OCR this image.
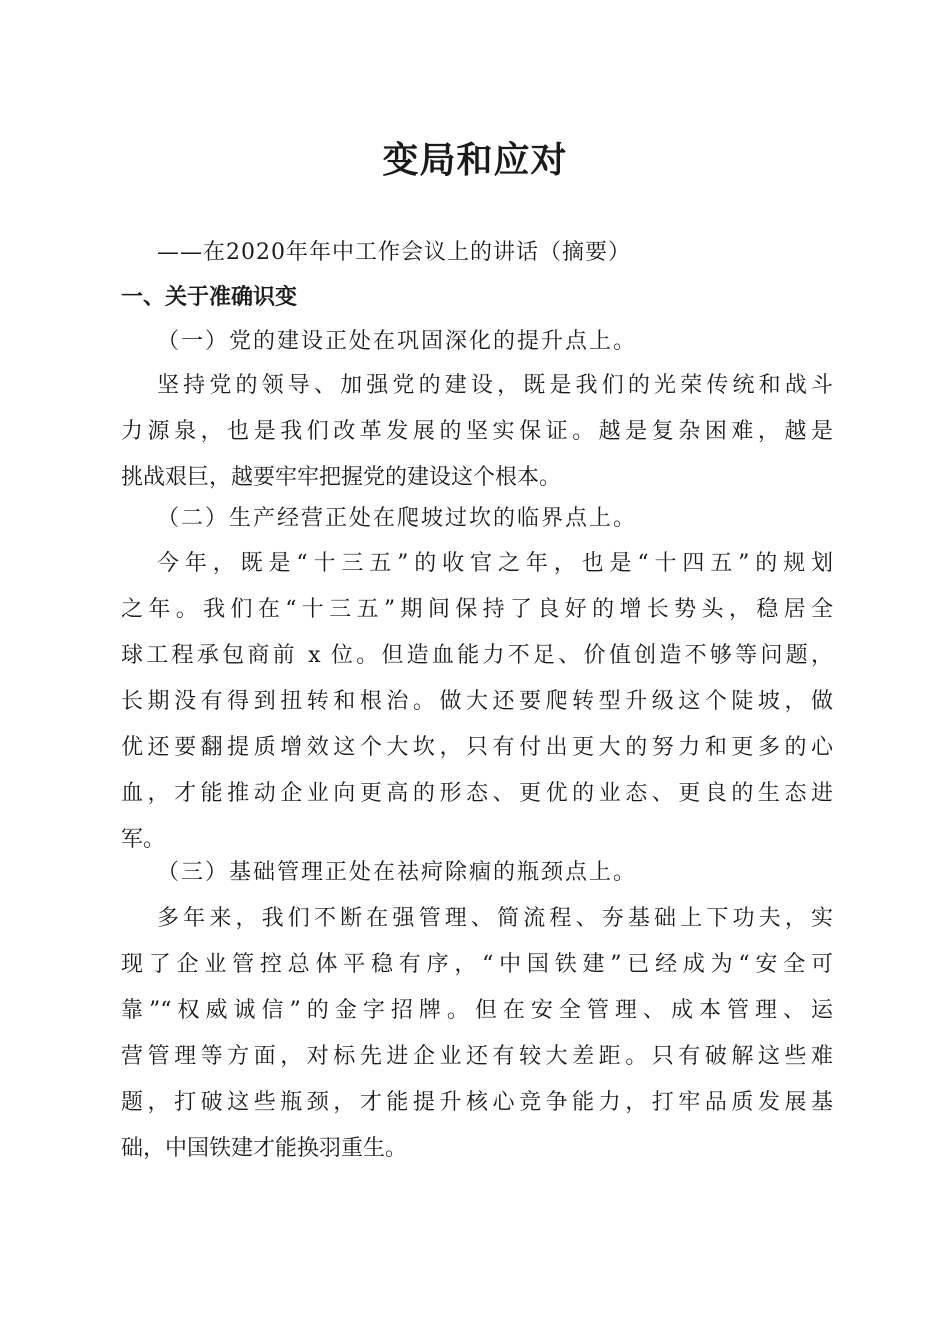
变局和应对
——在2020年年中工作会议上的讲话（摘要）
一、关于准确识变
（一）党的建设正处在巩固深化的提升点上。
坚持党的领导、加强党的建设，既是我们的光荣传统和战斗
力源泉，也是我们改革发展的坚实保证。越是复杂困难，越是
挑战艰巨，越要牢牢把握党的建设这个根本。
（二）生产经营正处在爬坡过坎的临界点上。
今年，既是“十三五”的收官之年，也是“十四五”的规划
之年。我们在“十三五”期间保持了良好的增长势头，稳居全
球工程承包商前 x 位。但造血能力不足、价值创造不够等问题，
长期没有得到扭转和根治。做大还要爬转型升级这个陡坡，做
优还要翻提质增效这个大坎，只有付出更大的努力和更多的心
血，才能推动企业向更高的形态、更优的业态、更良的生态进
军。
（三）基础管理正处在祛疴除痼的瓶颈点上。
多年来，我们不断在强管理、简流程、夯基础上下功夫，实
现了企业管控总体平稳有序，“中国铁建”已经成为“安全可
靠”“权威诚信”的金字招牌。但在安全管理、成本管理、运
营管理等方面，对标先进企业还有较大差距。只有破解这些难
题，打破这些瓶颈，才能提升核心竞争能力，打牢品质发展基
础，中国铁建才能换羽重生。
